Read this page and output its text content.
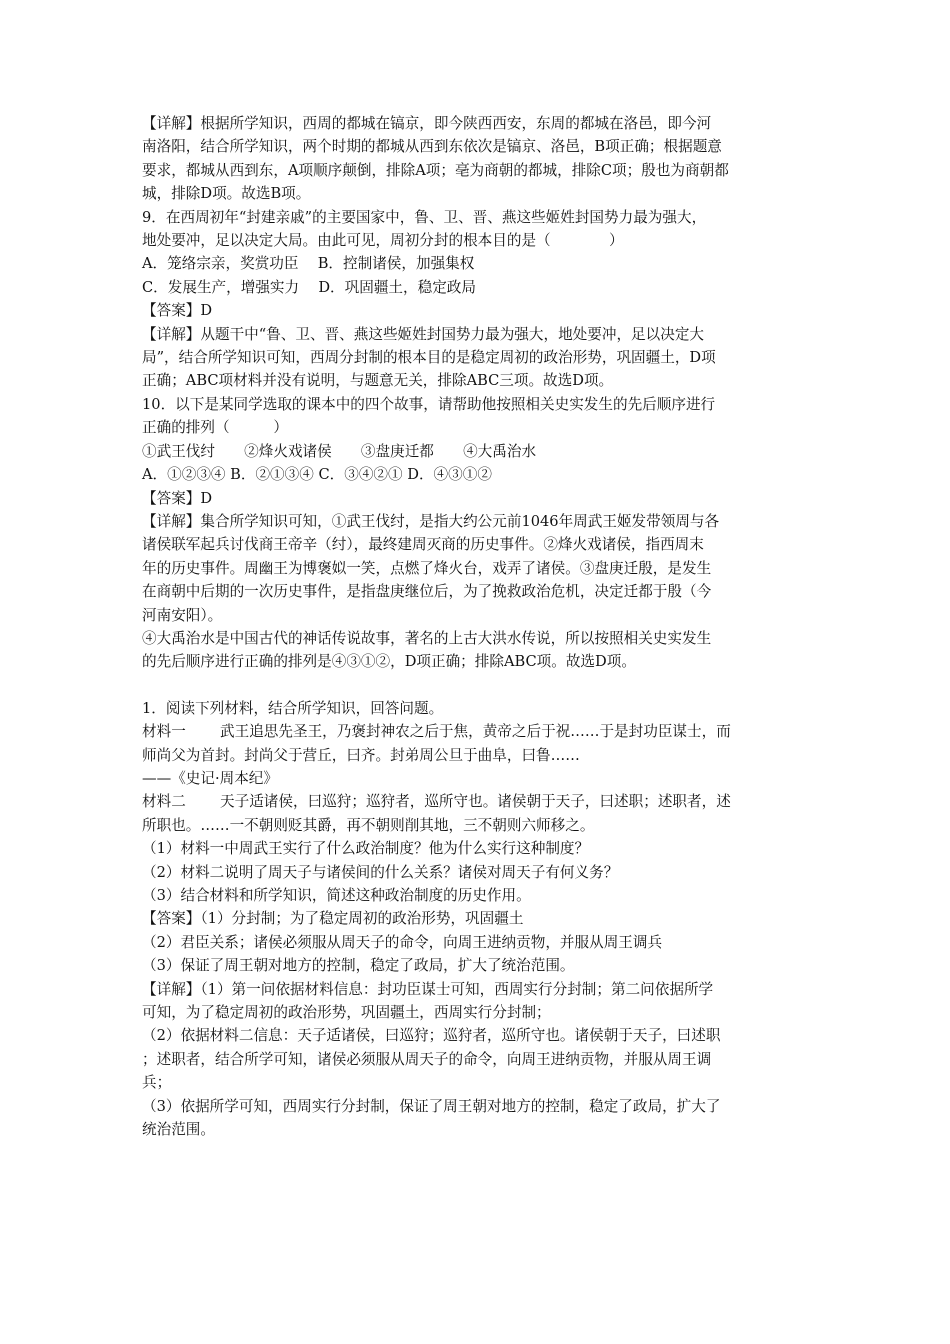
【详解】根据所学知识，西周的都城在镐京，即今陕西西安，东周的都城在洛邑，即今河

南洛阳，结合所学知识，两个时期的都城从西到东依次是镐京、洛邑，B项正确；根据题意

要求，都城从西到东，A项顺序颠倒，排除A项；亳为商朝的都城，排除C项；殷也为商朝都

城，排除D项。故选B项。

9．在西周初年“封建亲戚”的主要国家中，鲁、卫、晋、燕这些姬姓封国势力最为强大，

地处要冲，足以决定大局。由此可见，周初分封的根本目的是（　　　　）

A．笼络宗亲，奖赏功臣　 B．控制诸侯，加强集权

C．发展生产，增强实力　 D．巩固疆土，稳定政局

【答案】D

【详解】从题干中“鲁、卫、晋、燕这些姬姓封国势力最为强大，地处要冲，足以决定大

局”，结合所学知识可知，西周分封制的根本目的是稳定周初的政治形势，巩固疆土，D项

正确；ABC项材料并没有说明，与题意无关，排除ABC三项。故选D项。

10．以下是某同学选取的课本中的四个故事，请帮助他按照相关史实发生的先后顺序进行

正确的排列（　　　）

①武王伐纣　　②烽火戏诸侯　　③盘庚迁都　　④大禹治水

A．①②③④ B．②①③④ C．③④②① D．④③①②

【答案】D

【详解】集合所学知识可知，①武王伐纣，是指大约公元前1046年周武王姬发带领周与各

诸侯联军起兵讨伐商王帝辛（纣），最终建周灭商的历史事件。②烽火戏诸侯，指西周末

年的历史事件。周幽王为博褒姒一笑，点燃了烽火台，戏弄了诸侯。③盘庚迁殷，是发生

在商朝中后期的一次历史事件，是指盘庚继位后，为了挽救政治危机，决定迁都于殷（今

河南安阳）。

④大禹治水是中国古代的神话传说故事，著名的上古大洪水传说，所以按照相关史实发生

的先后顺序进行正确的排列是④③①②，D项正确；排除ABC项。故选D项。

1．阅读下列材料，结合所学知识，回答问题。

材料一 武王追思先圣王，乃褒封神农之后于焦，黄帝之后于祝……于是封功臣谋士，而

师尚父为首封。封尚父于营丘，曰齐。封弟周公旦于曲阜，曰鲁……

——《史记·周本纪》

材料二 天子适诸侯，曰巡狩；巡狩者，巡所守也。诸侯朝于天子，曰述职；述职者，述

所职也。……一不朝则贬其爵，再不朝则削其地，三不朝则六师移之。

（1）材料一中周武王实行了什么政治制度？他为什么实行这种制度？

（2）材料二说明了周天子与诸侯间的什么关系？诸侯对周天子有何义务？

（3）结合材料和所学知识，简述这种政治制度的历史作用。

【答案】（1）分封制；为了稳定周初的政治形势，巩固疆土

（2）君臣关系；诸侯必须服从周天子的命令，向周王进纳贡物，并服从周王调兵

（3）保证了周王朝对地方的控制，稳定了政局，扩大了统治范围。

【详解】（1）第一问依据材料信息：封功臣谋士可知，西周实行分封制；第二问依据所学

可知，为了稳定周初的政治形势，巩固疆土，西周实行分封制；

（2）依据材料二信息：天子适诸侯，曰巡狩；巡狩者，巡所守也。诸侯朝于天子，曰述职

；述职者，结合所学可知，诸侯必须服从周天子的命令，向周王进纳贡物，并服从周王调

兵；

（3）依据所学可知，西周实行分封制，保证了周王朝对地方的控制，稳定了政局，扩大了

统治范围。
